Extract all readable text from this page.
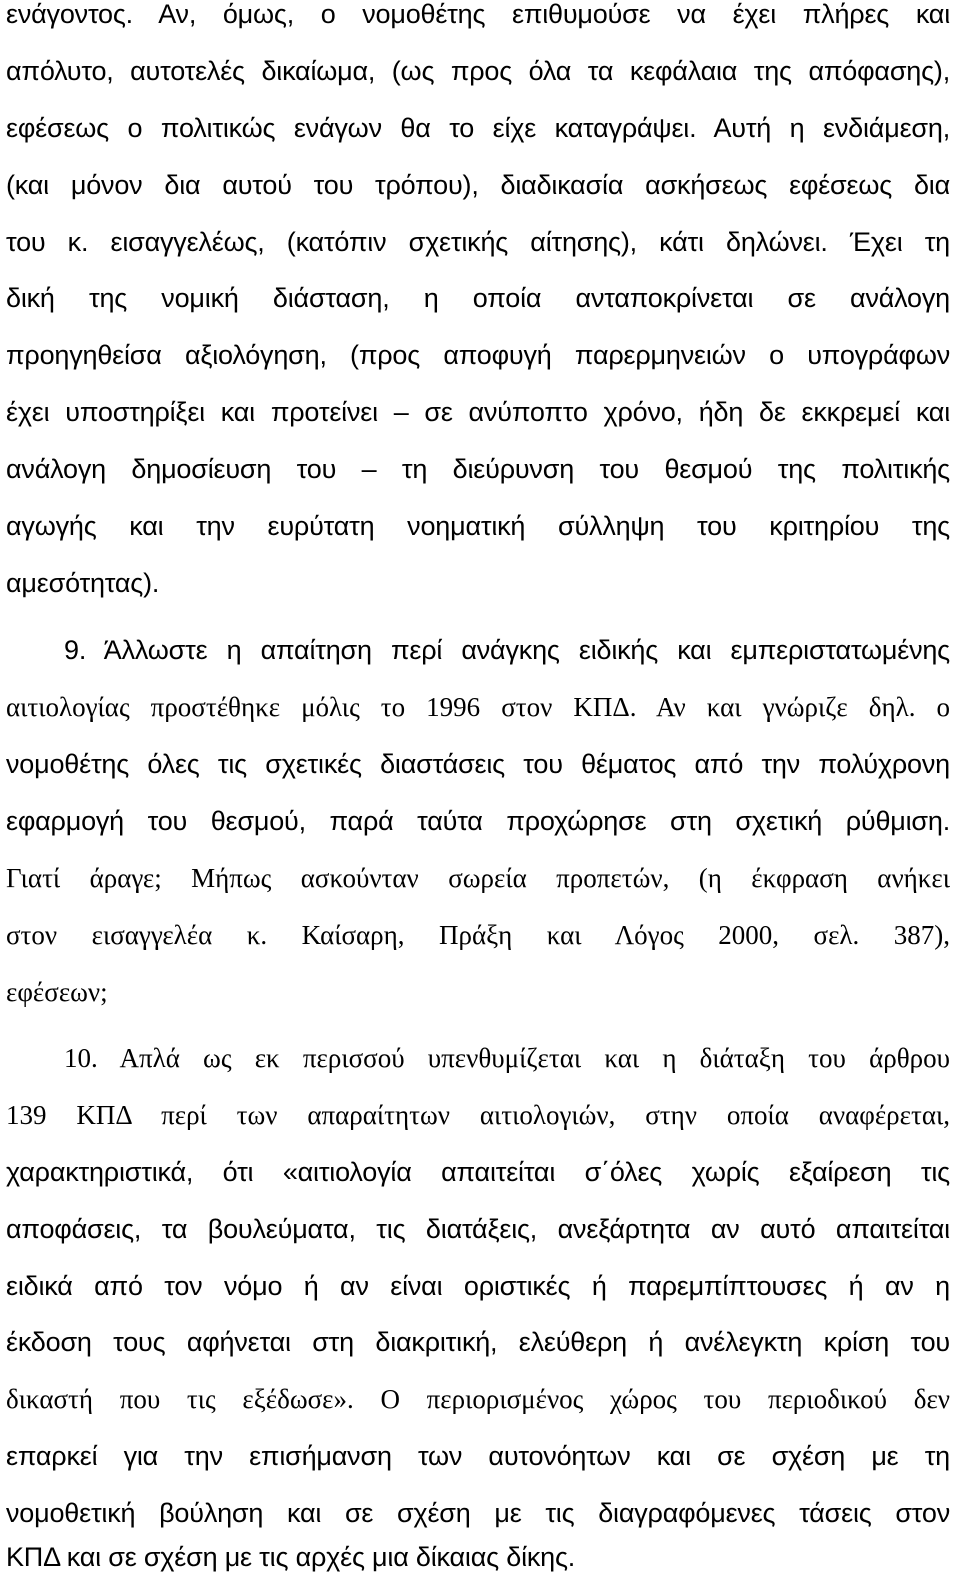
ενάγοντος. Αν, όμως, ο νομοθέτης επιθυμούσε να έχει πλήρες και
απόλυτο, αυτοτελές δικαίωμα, (ως προς όλα τα κεφάλαια της απόφασης),
εφέσεως ο πολιτικώς ενάγων θα το είχε καταγράψει. Αυτή η ενδιάμεση,
(και μόνον δια αυτού του τρόπου), διαδικασία ασκήσεως εφέσεως δια
του κ. εισαγγελέως, (κατόπιν σχετικής αίτησης), κάτι δηλώνει. Έχει τη
δική της νομική διάσταση, η οποία ανταποκρίνεται σε ανάλογη
προηγηθείσα αξιολόγηση, (προς αποφυγή παρερμηνειών ο υπογράφων
έχει υποστηρίξει και προτείνει – σε ανύποπτο χρόνο, ήδη δε εκκρεμεί και
ανάλογη δημοσίευση του – τη διεύρυνση του θεσμού της πολιτικής
αγωγής και την ευρύτατη νοηματική σύλληψη του κριτηρίου της
αμεσότητας).
9. Άλλωστε η απαίτηση περί ανάγκης ειδικής και εμπεριστατωμένης
αιτιολογίας προστέθηκε μόλις το 1996 στον ΚΠΔ. Αν και γνώριζε δηλ. ο
νομοθέτης όλες τις σχετικές διαστάσεις του θέματος από την πολύχρονη
εφαρμογή του θεσμού, παρά ταύτα προχώρησε στη σχετική ρύθμιση.
Γιατί άραγε; Μήπως ασκούνταν σωρεία προπετών, (η έκφραση ανήκει
στον εισαγγελέα κ. Καίσαρη, Πράξη και Λόγος 2000, σελ. 387),
εφέσεων;
10. Απλά ως εκ περισσού υπενθυμίζεται και η διάταξη του άρθρου
139 ΚΠΔ περί των απαραίτητων αιτιολογιών, στην οποία αναφέρεται,
χαρακτηριστικά, ότι «αιτιολογία απαιτείται σ΄όλες χωρίς εξαίρεση τις
αποφάσεις, τα βουλεύματα, τις διατάξεις, ανεξάρτητα αν αυτό απαιτείται
ειδικά από τον νόμο ή αν είναι οριστικές ή παρεμπίπτουσες ή αν η
έκδοση τους αφήνεται στη διακριτική, ελεύθερη ή ανέλεγκτη κρίση του
δικαστή που τις εξέδωσε». Ο περιορισμένος χώρος του περιοδικού δεν
επαρκεί για την επισήμανση των αυτονόητων και σε σχέση με τη
νομοθετική βούληση και σε σχέση με τις διαγραφόμενες τάσεις στον
ΚΠΔ και σε σχέση με τις αρχές μια δίκαιας δίκης.
